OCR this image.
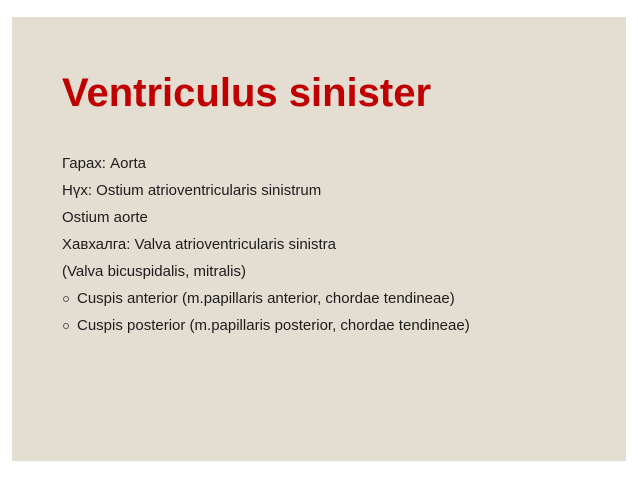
Ventriculus sinister
Гарах: Aorta
Нүх: Ostium atrioventricularis sinistrum
Ostium aorte
Хавхалга: Valva atrioventricularis sinistra
(Valva bicuspidalis, mitralis)
Cuspis anterior (m.papillaris anterior, chordae tendineae)
Cuspis posterior (m.papillaris posterior, chordae tendineae)
